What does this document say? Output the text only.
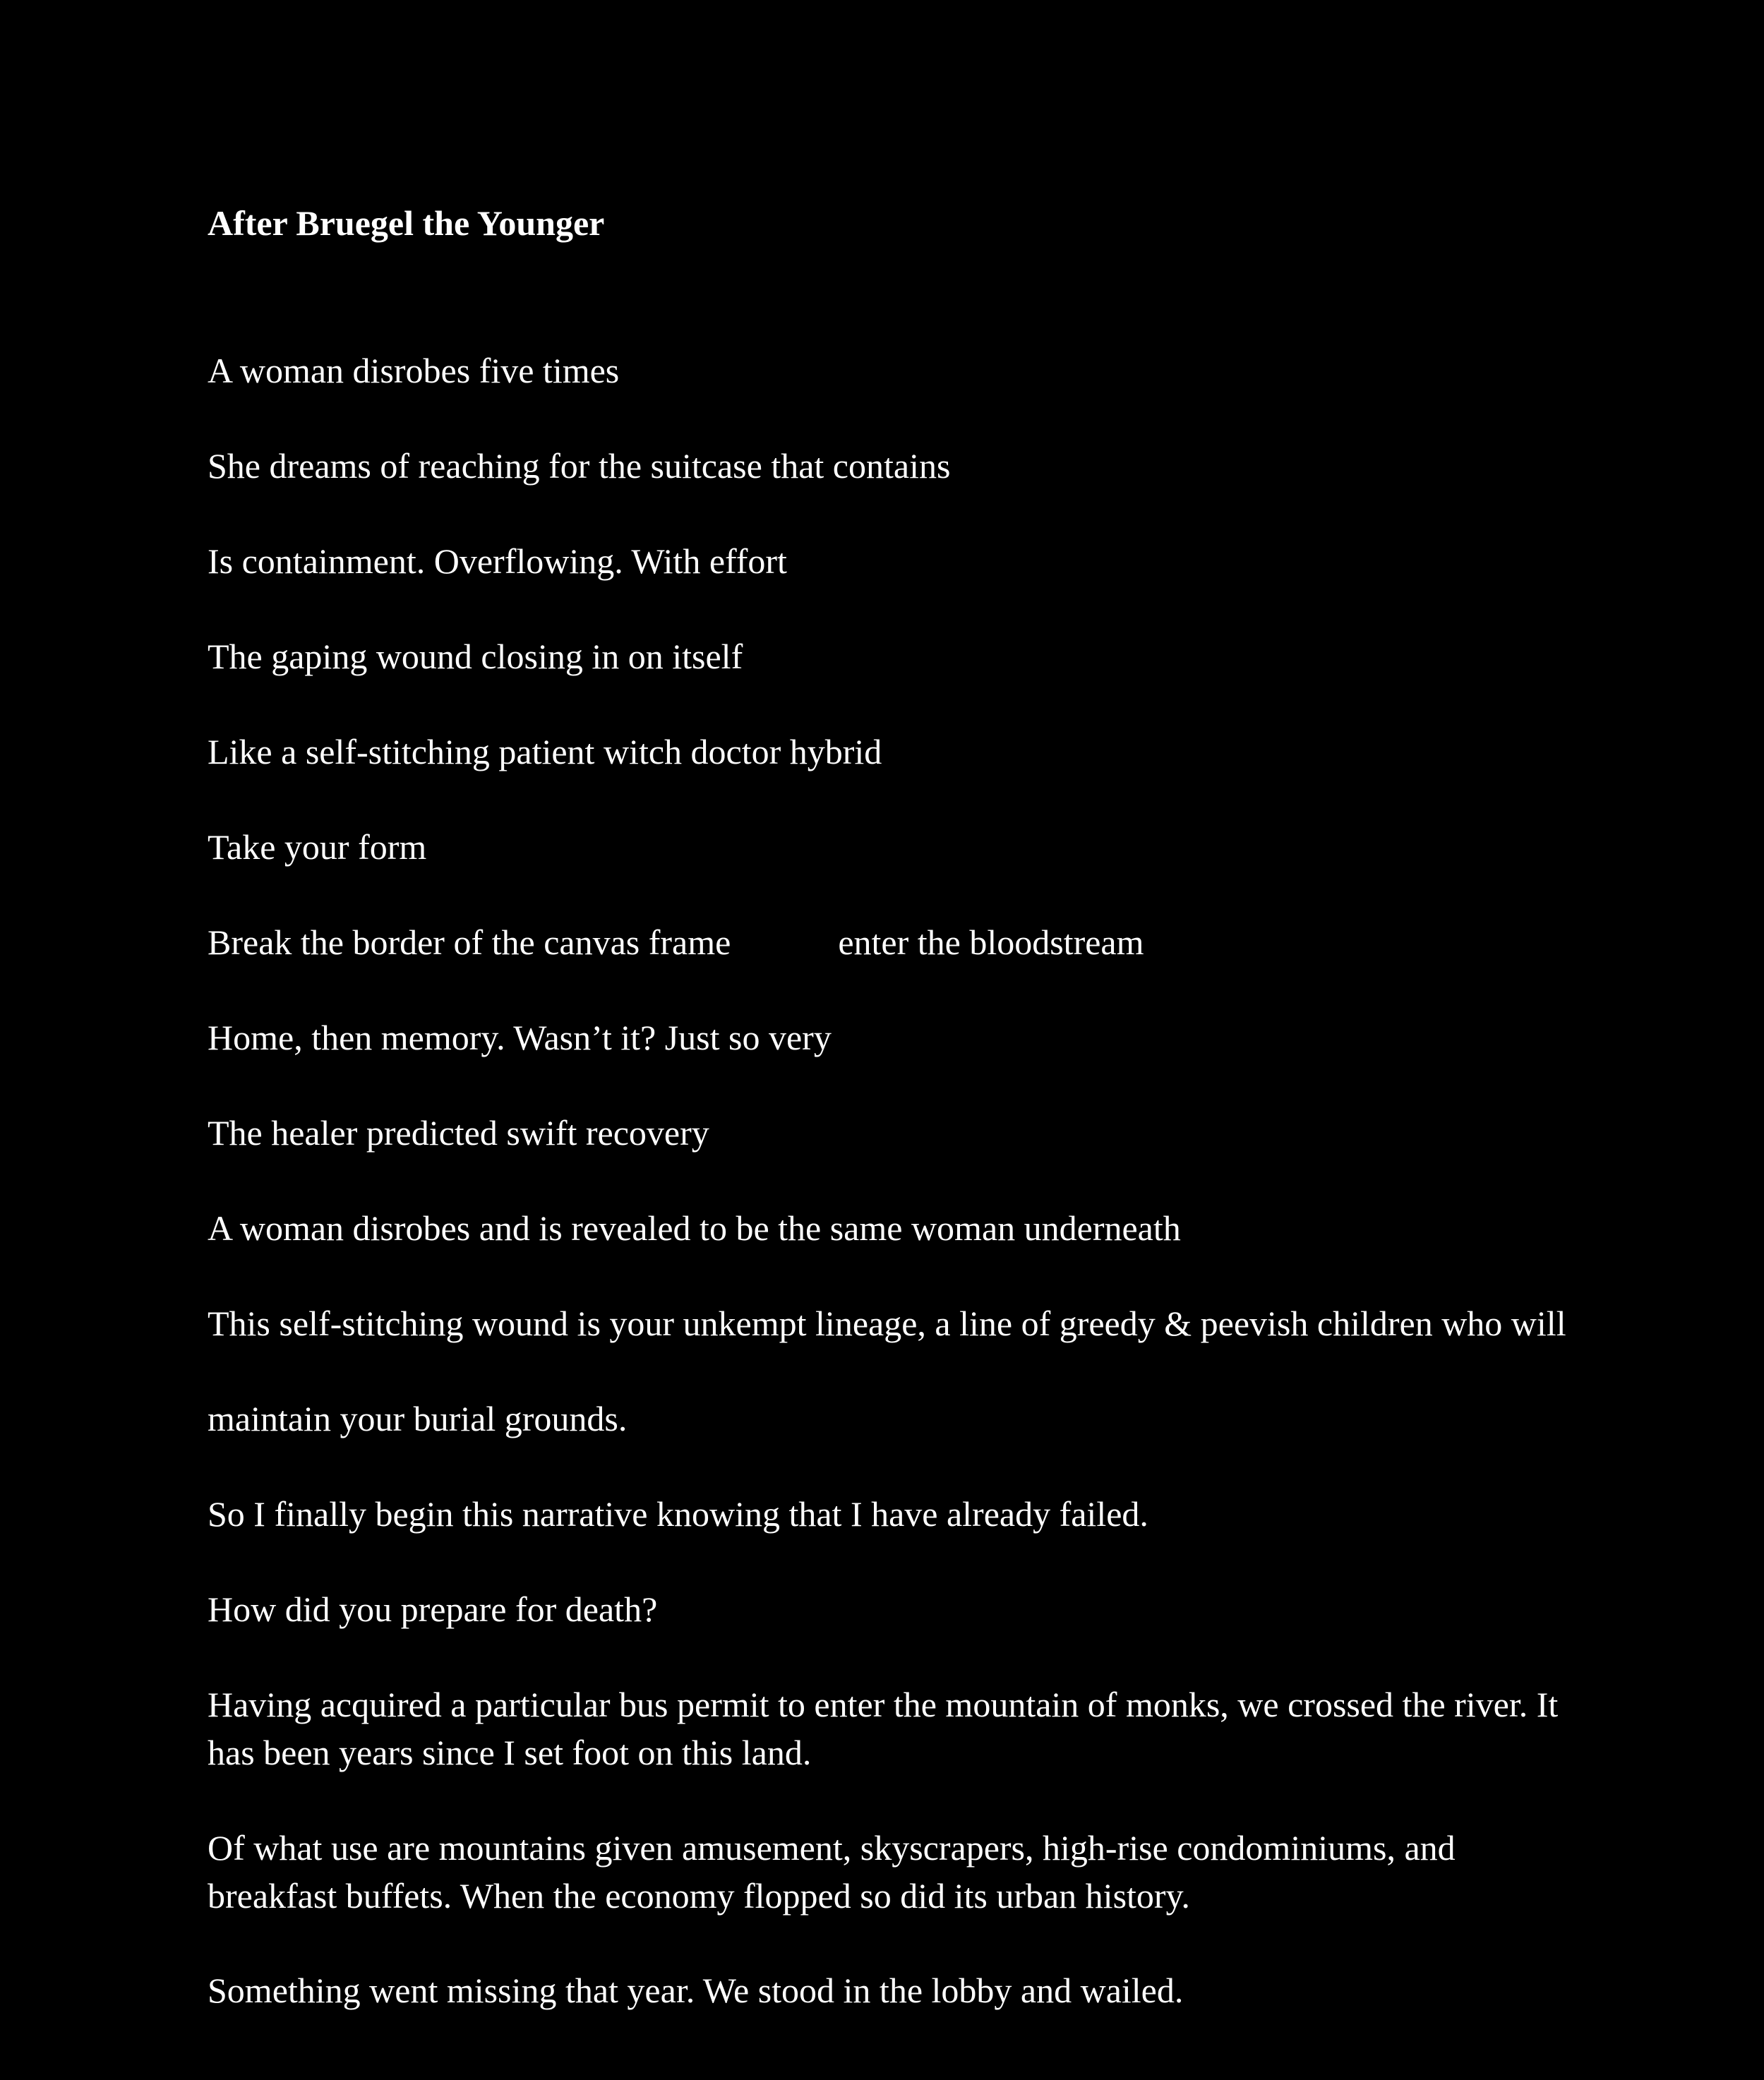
After Bruegel the Younger

A woman disrobes five times

She dreams of reaching for the suitcase that contains

Is containment. Overflowing. With effort

The gaping wound closing in on itself

Like a self-stitching patient witch doctor hybrid

Take your form

Break the border of the canvas frame	enter the bloodstream

Home, then memory. Wasn’t it? Just so very

The healer predicted swift recovery

A woman disrobes and is revealed to be the same woman underneath

This self-stitching wound is your unkempt lineage, a line of greedy & peevish children who will

maintain your burial grounds.

So I finally begin this narrative knowing that I have already failed.

How did you prepare for death?

Having acquired a particular bus permit to enter the mountain of monks, we crossed the river. It has been years since I set foot on this land.

Of what use are mountains given amusement, skyscrapers, high-rise condominiums, and breakfast buffets. When the economy flopped so did its urban history.

Something went missing that year. We stood in the lobby and wailed.
